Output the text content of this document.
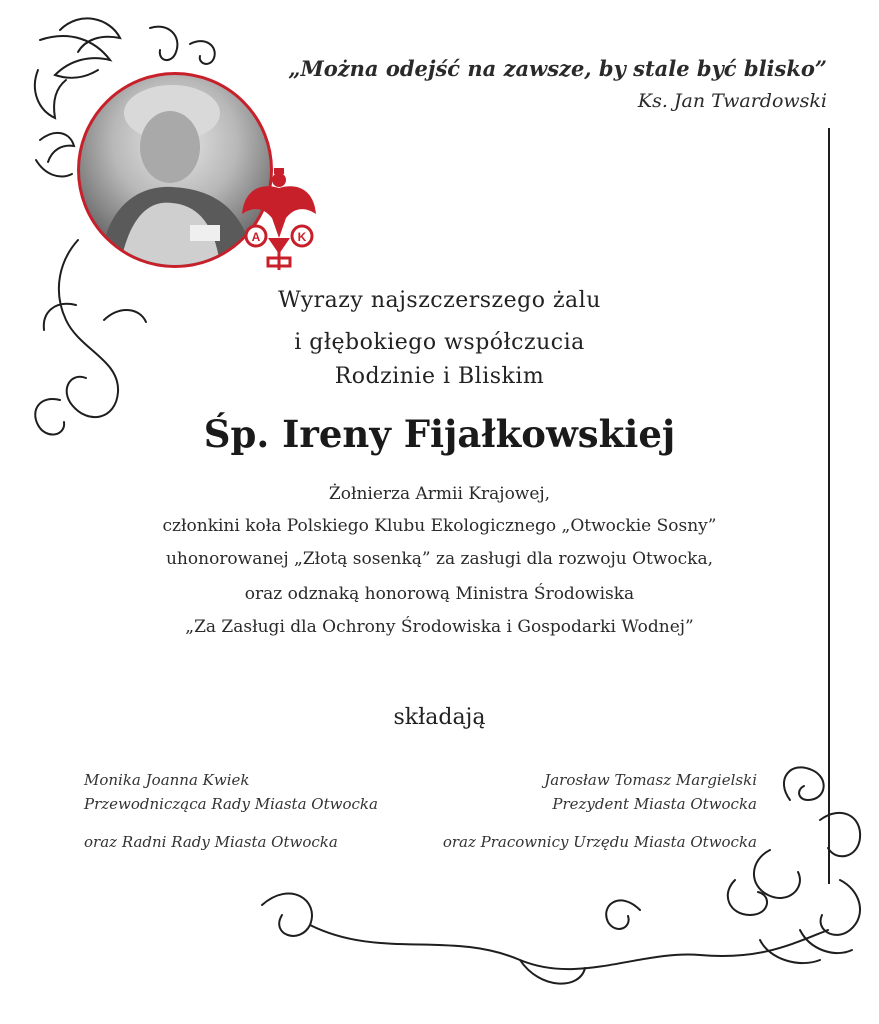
„Można odejść na zawsze, by stale być blisko”
Ks. Jan Twardowski
A	K
Wyrazy najszczerszego żalu
i głębokiego współczucia
Rodzinie i Bliskim
Śp. Ireny Fijałkowskiej
Żołnierza Armii Krajowej,
członkini koła Polskiego Klubu Ekologicznego „Otwockie Sosny”
uhonorowanej „Złotą sosenką” za zasługi dla rozwoju Otwocka,
oraz odznaką honorową Ministra Środowiska
„Za Zasługi dla Ochrony Środowiska i Gospodarki Wodnej”
składają
Monika Joanna Kwiek
Przewodnicząca Rady Miasta Otwocka
oraz Radni Rady Miasta Otwocka
Jarosław Tomasz Margielski
Prezydent Miasta Otwocka
oraz Pracownicy Urzędu Miasta Otwocka
